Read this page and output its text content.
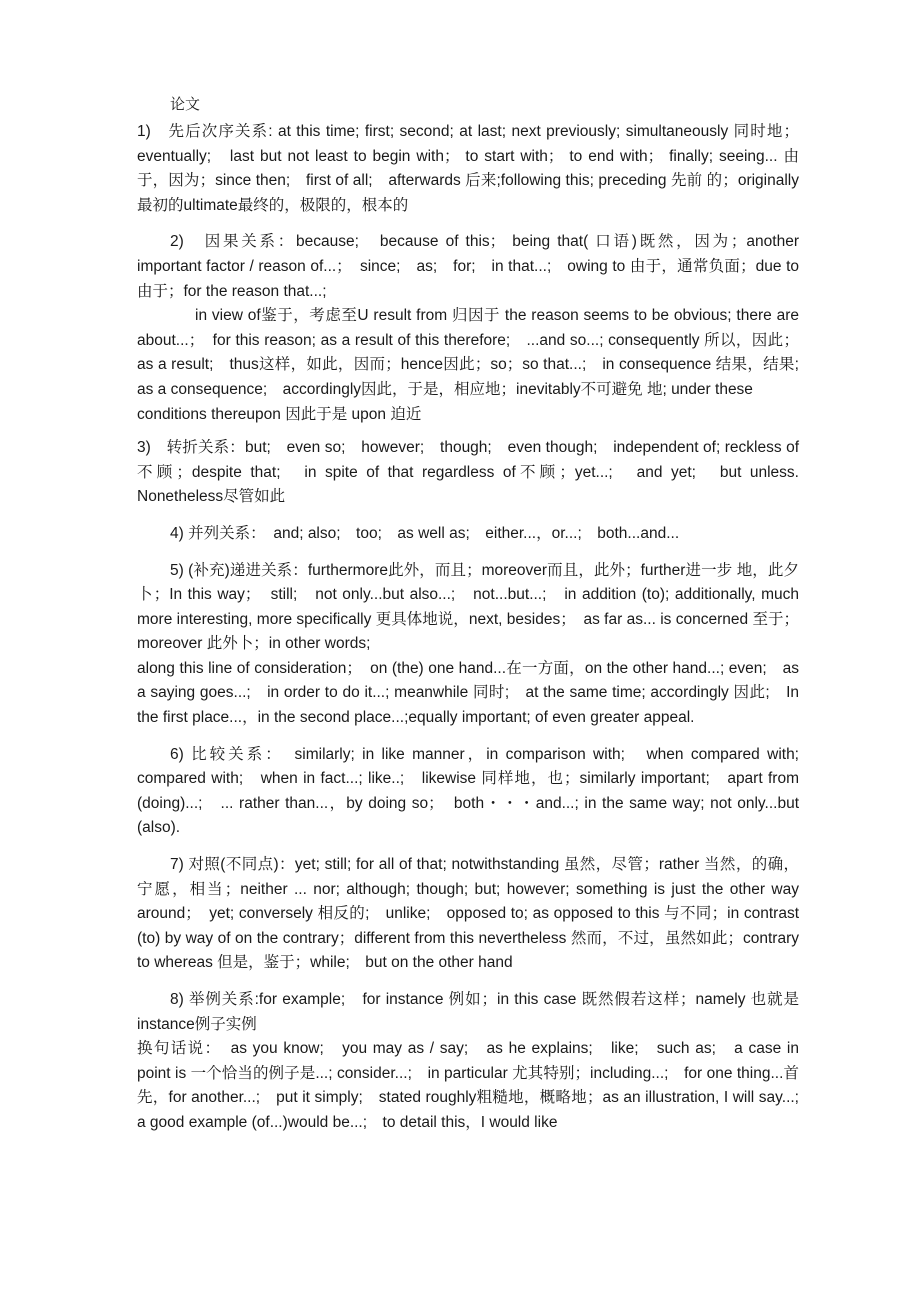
论文

1)　先后次序关系: at this time; first; second; at last; next previously; simultaneously 同时地；eventually;　last but not least to begin with； to start with； to end with； finally; seeing... 由于，因为；since then;　first of all;　afterwards 后来;following this; preceding 先前 的；originally最初的ultimate最终的，极限的，根本的

2)　因果关系：because;　because of this； being that( 口语)既然，因为；another important factor / reason of...；　since;　as;　for;　in that...;　owing to 由于，通常负面；due to 由于；for the reason that...;

in view of鉴于，考虑至U result from 归因于 the reason seems to be obvious; there are about...；　for this reason; as a result of this therefore;　...and so...; consequently 所以，因此；as a result;　thus这样，如此，因而；hence因此；so；so that...;　in consequence 结果，结果;　as a consequence;　accordingly因此，于是，相应地；inevitably不可避免 地; under these

conditions thereupon 因此于是 upon 迫近

3)　转折关系：but;　even so;　however;　though;　even though;　independent of; reckless of 不顾；despite that;　in spite of that regardless of不顾；yet...;　and yet;　but unless. Nonetheless尽管如此

4) 并列关系：　and; also;　too;　as well as;　either...，or...;　both...and...

5) (补充)递进关系：furthermore此外，而且；moreover而且，此外；further进一步 地，此夕卜；In this way；　still;　not only...but also...;　not...but...;　in addition (to); additionally, much more interesting, more specifically 更具体地说，next, besides；　as far as... is concerned 至于；moreover 此外卜；in other words;

along this line of consideration；　on (the) one hand...在一方面，on the other hand...; even;　as a saying goes...;　in order to do it...; meanwhile 同时;　at the same time; accordingly 因此;　In the first place...，in the second place...;equally important; of even greater appeal.

6) 比较关系：　similarly; in like manner，in comparison with;　when compared with; compared with;　when in fact...; like..;　likewise 同样地，也；similarly important;　apart from (doing)...;　... rather than...，by doing so；　both・・・and...; in the same way; not only...but (also).

7) 对照(不同点)：yet; still; for all of that; notwithstanding 虽然，尽管；rather 当然，的确，宁愿，相当；neither ... nor; although; though; but; however; something is just the other way around；　yet; conversely 相反的;　unlike;　opposed to; as opposed to this 与不同；in contrast (to) by way of on the contrary；different from this nevertheless 然而，不过，虽然如此；contrary to whereas 但是，鉴于；while;　but on the other hand

8) 举例关系:for example;　for instance 例如；in this case 既然假若这样；namely 也就是instance例子实例

换句话说：　as you know;　you may as / say;　as he explains;　like;　such as;　a case in point is 一个恰当的例子是...; consider...;　in particular 尤其特别；including...;　for one thing...首先，for another...;　put it simply;　stated roughly粗糙地，概略地；as an illustration, I will say...;　a good example (of...)would be...;　to detail this，I would like
